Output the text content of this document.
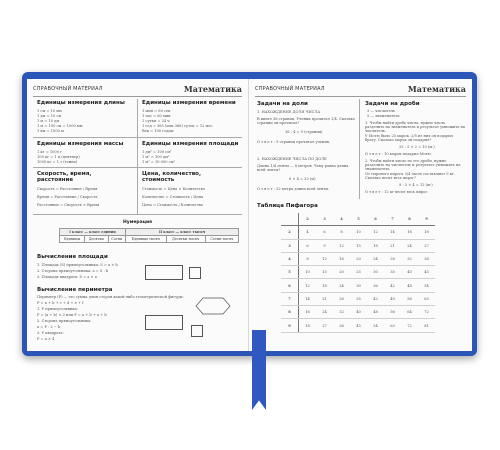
СПРАВОЧНЫЙ МАТЕРИАЛ	Математика
Единицы измерения длины
1 см = 10 мм
1 дм = 10 см
1 м = 10 дм
1 м = 100 см = 1000 мм
1 км = 1000 м
Единицы измерения времени
1 мин = 60 сек
1 час = 60 мин
1 сутки = 24 ч
1 год = 365 (или 366) суток = 12 мес
Век = 100 годам
Единицы измерения массы
1 кг = 1000 г
100 кг = 1 ц (центнер)
1000 кг = 1 т (тонна)
Единицы измерения площади
1 дм² = 100 см²
1 м² = 100 дм²
1 м² = 10 000 см²
Скорость, время, расстояние
Скорость = Расстояние / Время
Время = Расстояние / Скорость
Расстояние = Скорость × Время
Цена, количество, стоимость
Стоимость = Цена × Количество
Количество = Стоимость / Цена
Цена = Стоимость / Количество
Нумерация
I класс — класс единиц			II класс — класс тысяч		
Единицы	Десятки	Сотни	Единицы тысяч	Десятки тысяч	Сотни тысяч
Вычисление площади
1. Площадь (S) прямоугольника: S = a × b
2. Сторона прямоугольника: a = S : b
3. Площадь квадрата: S = a × a
Вычисление периметра
Периметр (P) — это сумма длин сторон какой-либо геометрической фигуры:
P = a + b + c + d + e + f
1. У прямоугольника:
P = (a + b) × 2 или P = a + b + a + b
2. Сторона прямоугольника:
a = P : 2 − b
3. У квадрата:
P = a × 4
СПРАВОЧНЫЙ МАТЕРИАЛ	Математика
Задачи на доли
1. НАХОЖДЕНИЕ ДОЛИ ЧИСЛА
В книге 36 страниц. Ученик прочитал 1/4. Сколько страниц он прочитал?
36 : 4 = 9 (страниц)
О т в е т : 9 страниц прочитал ученик.
2. НАХОЖДЕНИЕ ЧИСЛА ПО ДОЛЕ
Длина 1/4 ленты — 8 метров. Чему равна длина всей ленты?
8 × 4 = 32 (м)
О т в е т : 32 метра длина всей ленты.
Задачи на дроби
3 — числитель
5 — знаменатель
1. Чтобы найти дробь числа, нужно число разделить на знаменатель и результат умножить на числитель.
У Мотю было 25 марок. 2/5 из них он подарил брату. Сколько марок он подарил?
25 : 5 × 2 = 10 (м.)
О т в е т : 10 марок подарил Мотю.
2. Чтобы найти число по его дроби, нужно разделить на числитель и результат умножить на знаменатель.
От сыроного пирога 3/4 часть составляют 9 кг. Сколько весит весь пирог?
9 : 3 × 4 = 12 (кг)
О т в е т : 12 кг весит весь пирог.
Таблица Пифагора
	2	3	4	5	6	7	8	9
2	4	6	8	10	12	14	16	18
3	6	9	12	15	18	21	24	27
4	8	12	16	20	24	28	32	36
5	10	15	20	25	30	35	40	45
6	12	18	24	30	36	42	48	54
7	14	21	28	35	42	49	56	63
8	16	24	32	40	48	56	64	72
9	18	27	36	45	54	63	72	81
